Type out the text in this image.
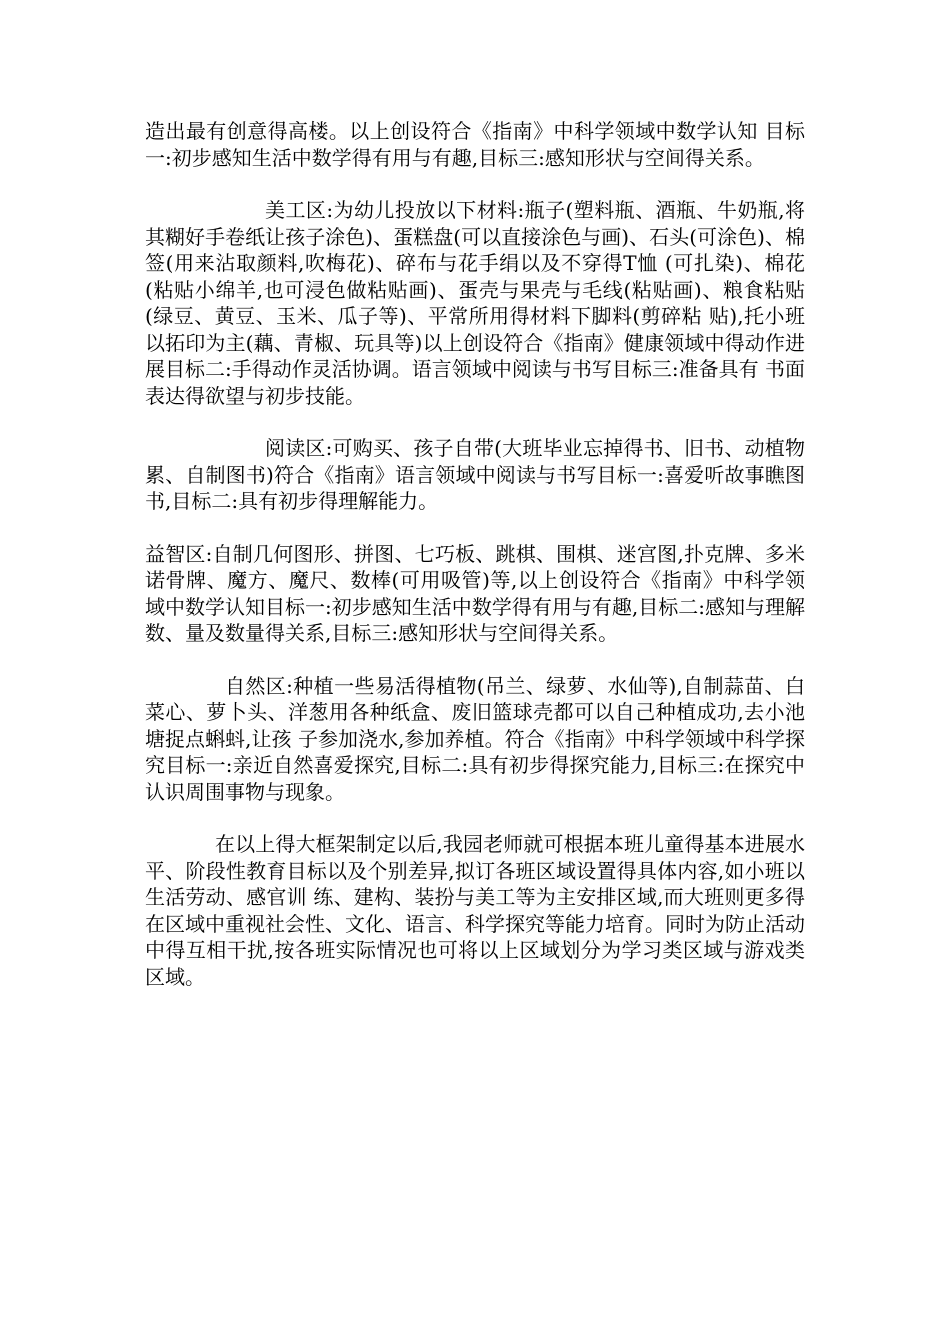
造出最有创意得高楼。以上创设符合《指南》中科学领域中数学认知 目标一:初步感知生活中数学得有用与有趣,目标三:感知形状与空间得关系。

美工区:为幼儿投放以下材料:瓶子(塑料瓶、酒瓶、牛奶瓶,将其糊好手卷纸让孩子涂色)、蛋糕盘(可以直接涂色与画)、石头(可涂色)、棉签(用来沾取颜料,吹梅花)、碎布与花手绢以及不穿得T恤 (可扎染)、棉花(粘贴小绵羊,也可浸色做粘贴画)、蛋壳与果壳与毛线(粘贴画)、粮食粘贴(绿豆、黄豆、玉米、瓜子等)、平常所用得材料下脚料(剪碎粘 贴),托小班以拓印为主(藕、青椒、玩具等)以上创设符合《指南》健康领域中得动作进展目标二:手得动作灵活协调。语言领域中阅读与书写目标三:准备具有 书面表达得欲望与初步技能。

阅读区:可购买、孩子自带(大班毕业忘掉得书、旧书、动植物累、自制图书)符合《指南》语言领域中阅读与书写目标一:喜爱听故事瞧图书,目标二:具有初步得理解能力。

益智区:自制几何图形、拼图、七巧板、跳棋、围棋、迷宫图,扑克牌、多米诺骨牌、魔方、魔尺、数棒(可用吸管)等,以上创设符合《指南》中科学领域中数学认知目标一:初步感知生活中数学得有用与有趣,目标二:感知与理解数、量及数量得关系,目标三:感知形状与空间得关系。

自然区:种植一些易活得植物(吊兰、绿萝、水仙等),自制蒜苗、白菜心、萝卜头、洋葱用各种纸盒、废旧篮球壳都可以自己种植成功,去小池塘捉点蝌蚪,让孩 子参加浇水,参加养植。符合《指南》中科学领域中科学探究目标一:亲近自然喜爱探究,目标二:具有初步得探究能力,目标三:在探究中认识周围事物与现象。

在以上得大框架制定以后,我园老师就可根据本班儿童得基本进展水平、阶段性教育目标以及个别差异,拟订各班区域设置得具体内容,如小班以生活劳动、感官训 练、建构、装扮与美工等为主安排区域,而大班则更多得在区域中重视社会性、文化、语言、科学探究等能力培育。同时为防止活动中得互相干扰,按各班实际情况也可将以上区域划分为学习类区域与游戏类区域。
